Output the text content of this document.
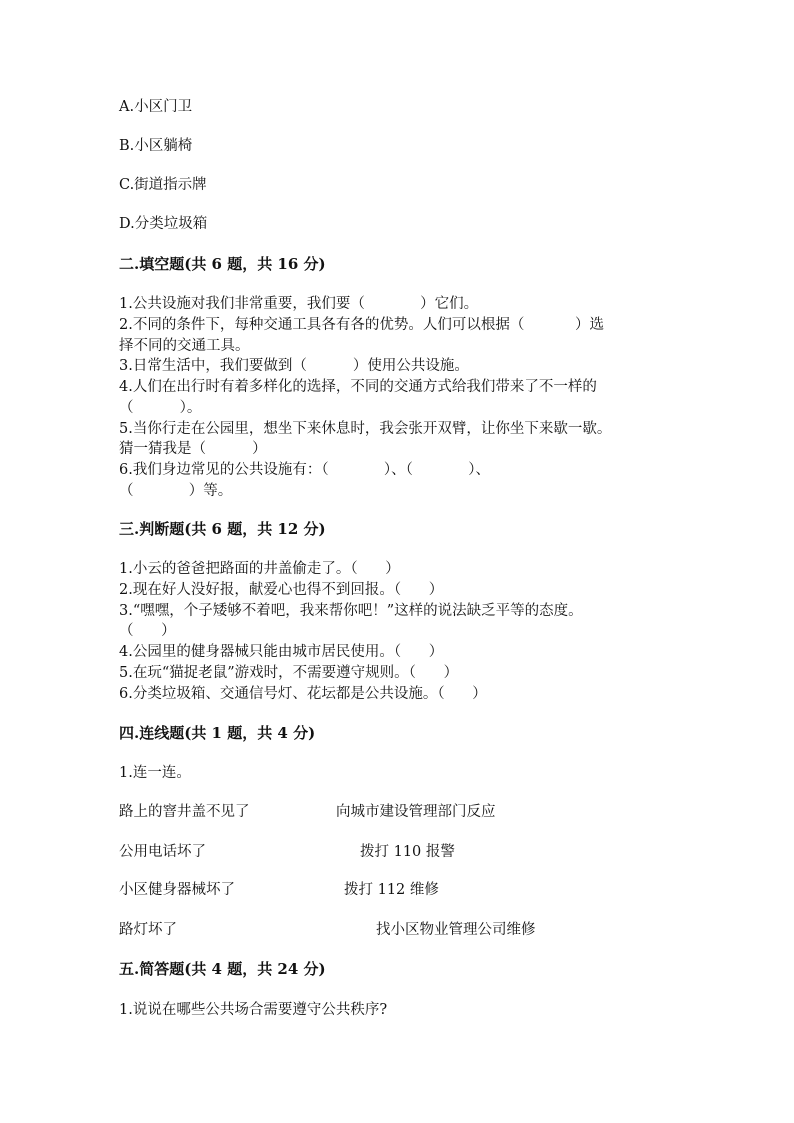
A.小区门卫
B.小区躺椅
C.街道指示牌
D.分类垃圾箱
二.填空题(共 6 题，共 16 分)
1.公共设施对我们非常重要，我们要（            ）它们。
2.不同的条件下，每种交通工具各有各的优势。人们可以根据（           ）选
择不同的交通工具。
3.日常生活中，我们要做到（          ）使用公共设施。
4.人们在出行时有着多样化的选择，不同的交通方式给我们带来了不一样的
（          ）。
5.当你行走在公园里，想坐下来休息时，我会张开双臂，让你坐下来歇一歇。
猜一猜我是（          ）
6.我们身边常见的公共设施有：（            ）、（            ）、
（            ）等。
三.判断题(共 6 题，共 12 分)
1.小云的爸爸把路面的井盖偷走了。（      ）
2.现在好人没好报，献爱心也得不到回报。（      ）
3.“嘿嘿，个子矮够不着吧，我来帮你吧！”这样的说法缺乏平等的态度。
（      ）
4.公园里的健身器械只能由城市居民使用。（      ）
5.在玩“猫捉老鼠”游戏时，不需要遵守规则。（      ）
6.分类垃圾箱、交通信号灯、花坛都是公共设施。（      ）
四.连线题(共 1 题，共 4 分)
1.连一连。
路上的窨井盖不见了	向城市建设管理部门反应
公用电话坏了	拨打 110 报警
小区健身器械坏了	拨打 112 维修
路灯坏了	找小区物业管理公司维修
五.简答题(共 4 题，共 24 分)
1.说说在哪些公共场合需要遵守公共秩序?
